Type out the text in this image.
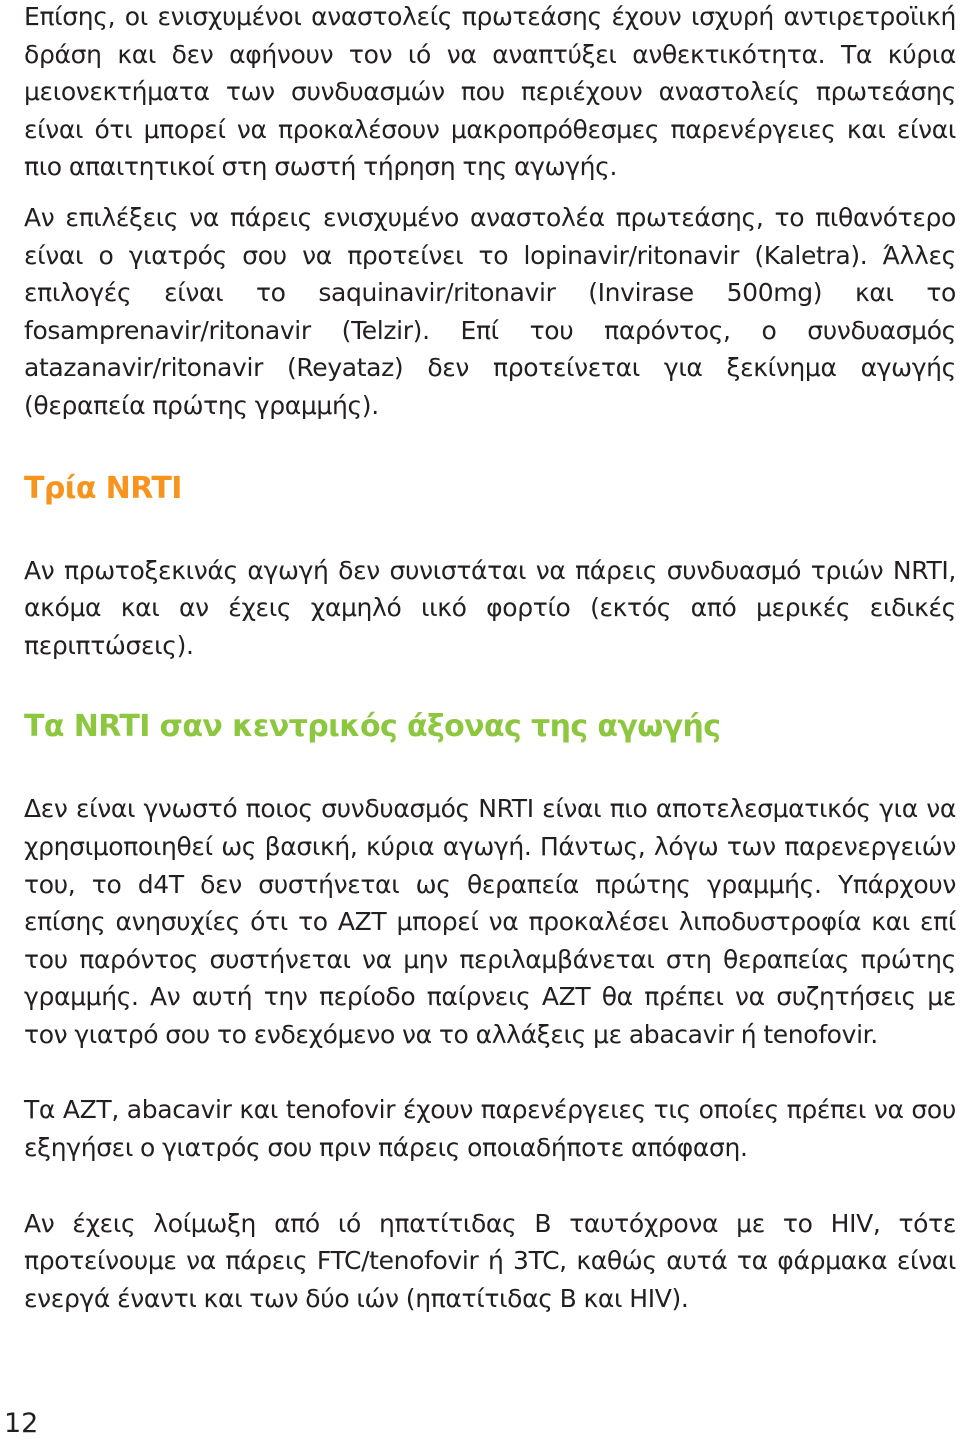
Επίσης, οι ενισχυμένοι αναστολείς πρωτεάσης έχουν ισχυρή αντιρετροϊική δράση και δεν αφήνουν τον ιό να αναπτύξει ανθεκτικότητα. Τα κύρια μειονεκτήματα των συνδυασμών που περιέχουν αναστολείς πρωτεάσης είναι ότι μπορεί να προκαλέσουν μακροπρόθεσμες παρενέργειες και είναι πιο απαιτητικοί στη σωστή τήρηση της αγωγής.

Αν επιλέξεις να πάρεις ενισχυμένο αναστολέα πρωτεάσης, το πιθανότερο είναι ο γιατρός σου να προτείνει το lopinavir/ritonavir (Kaletra). Άλλες επιλογές είναι το saquinavir/ritonavir (Invirase 500mg) και το fosamprenavir/ritonavir (Telzir). Επί του παρόντος, ο συνδυασμός atazanavir/ritonavir (Reyataz) δεν προτείνεται για ξεκίνημα αγωγής (θεραπεία πρώτης γραμμής).

Τρία NRTI

Αν πρωτοξεκινάς αγωγή δεν συνιστάται να πάρεις συνδυασμό τριών NRTI, ακόμα και αν έχεις χαμηλό ιικό φορτίο (εκτός από μερικές ειδικές περιπτώσεις).

Τα NRTI σαν κεντρικός άξονας της αγωγής

Δεν είναι γνωστό ποιος συνδυασμός NRTI είναι πιο αποτελεσματικός για να χρησιμοποιηθεί ως βασική, κύρια αγωγή. Πάντως, λόγω των παρενεργειών του, το d4T δεν συστήνεται ως θεραπεία πρώτης γραμμής. Υπάρχουν επίσης ανησυχίες ότι το AZT μπορεί να προκαλέσει λιποδυστροφία και επί του παρόντος συστήνεται να μην περιλαμβάνεται στη θεραπείας πρώτης γραμμής. Αν αυτή την περίοδο παίρνεις AZT θα πρέπει να συζητήσεις με τον γιατρό σου το ενδεχόμενο να το αλλάξεις με abacavir ή tenofovir.

Τα AZT, abacavir και tenofovir έχουν παρενέργειες τις οποίες πρέπει να σου εξηγήσει ο γιατρός σου πριν πάρεις οποιαδήποτε απόφαση.

Αν έχεις λοίμωξη από ιό ηπατίτιδας Β ταυτόχρονα με το HIV, τότε προτείνουμε να πάρεις FTC/tenofovir ή 3TC, καθώς αυτά τα φάρμακα είναι ενεργά έναντι και των δύο ιών (ηπατίτιδας Β και HIV).

12
